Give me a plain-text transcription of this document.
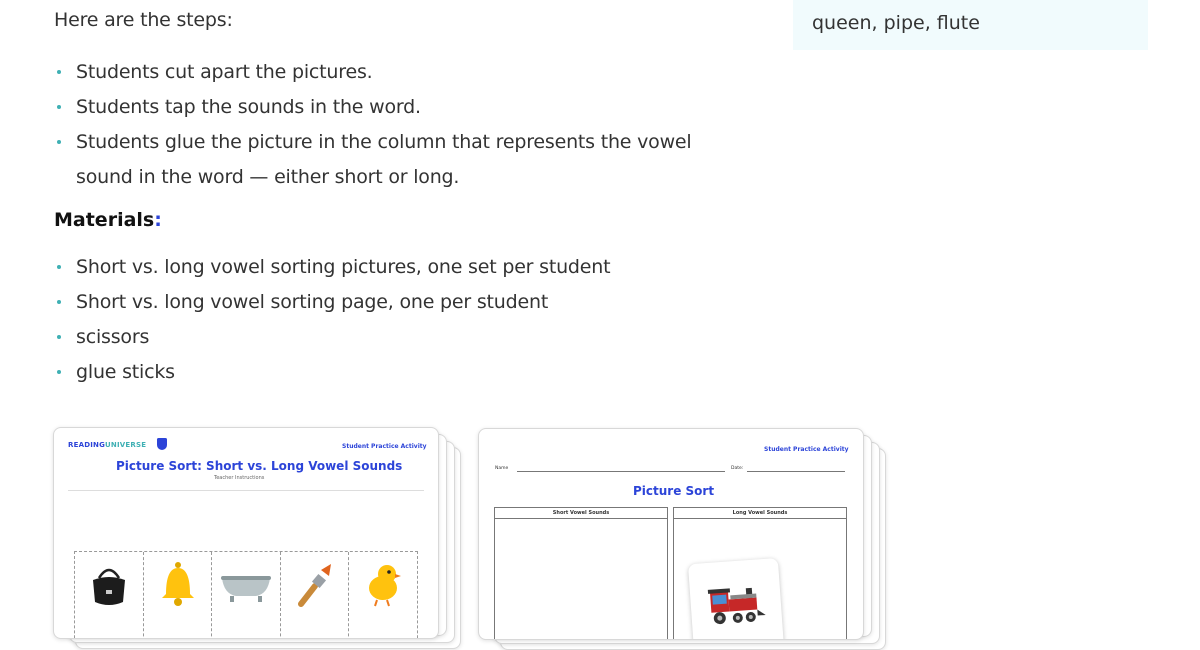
Here are the steps:
Students cut apart the pictures.
Students tap the sounds in the word.
Students glue the picture in the column that represents the vowel sound in the word — either short or long.
Materials:
Short vs. long vowel sorting pictures, one set per student
Short vs. long vowel sorting page, one per student
scissors
glue sticks
queen, pipe, flute
READINGUNIVERSE	Student Practice Activity
Picture Sort: Short vs. Long Vowel Sounds
Teacher Instructions
Student Practice Activity
Name	Date:
Picture Sort
Short Vowel Sounds	Long Vowel Sounds
